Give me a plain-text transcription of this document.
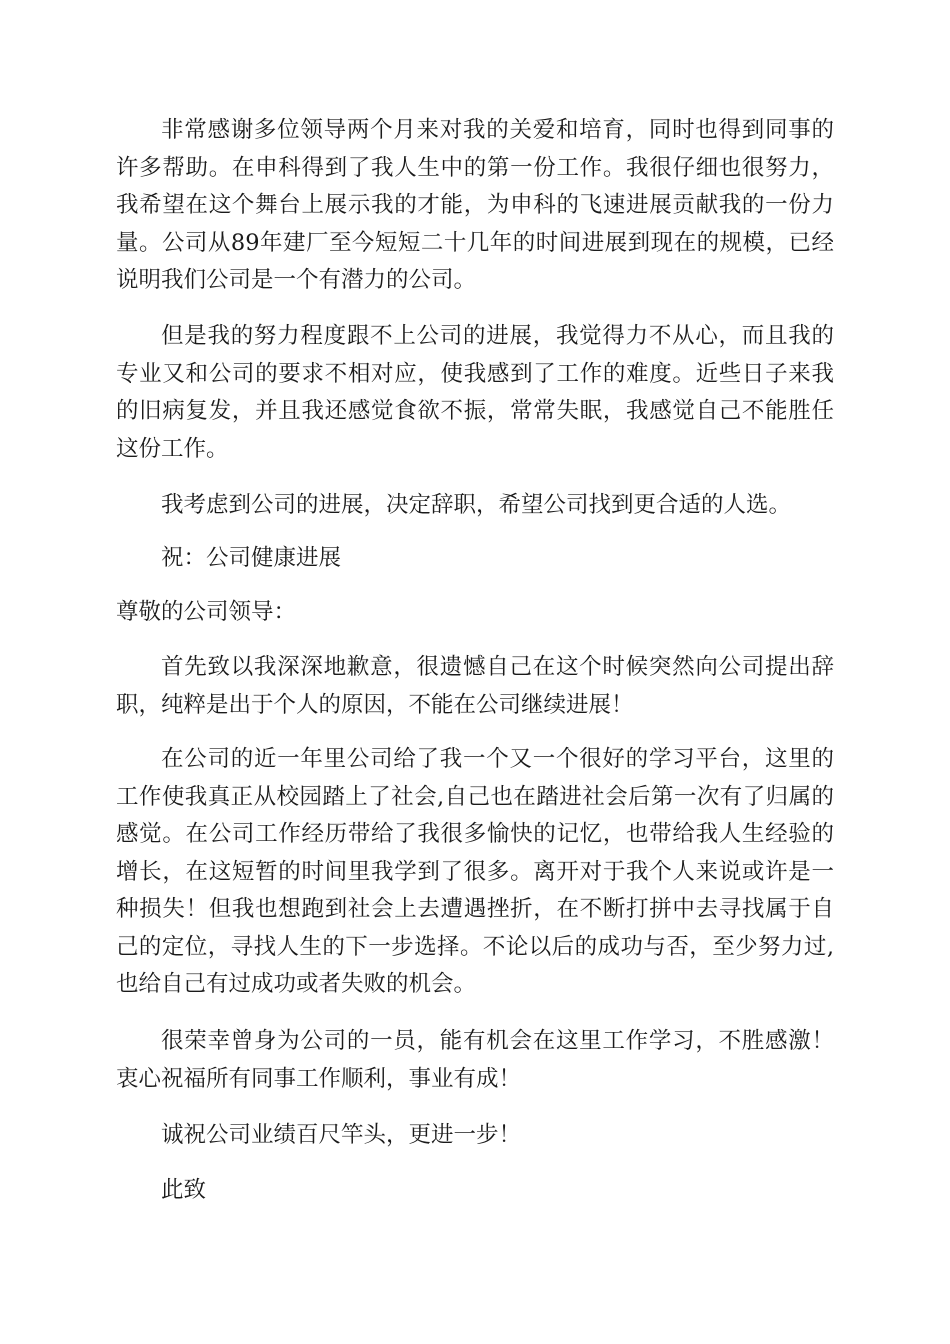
非常感谢多位领导两个月来对我的关爱和培育，同时也得到同事的许多帮助。在申科得到了我人生中的第一份工作。我很仔细也很努力，我希望在这个舞台上展示我的才能，为申科的飞速进展贡献我的一份力量。公司从89年建厂至今短短二十几年的时间进展到现在的规模，已经说明我们公司是一个有潜力的公司。

但是我的努力程度跟不上公司的进展，我觉得力不从心，而且我的专业又和公司的要求不相对应，使我感到了工作的难度。近些日子来我的旧病复发，并且我还感觉食欲不振，常常失眠，我感觉自己不能胜任这份工作。

我考虑到公司的进展，决定辞职，希望公司找到更合适的人选。

祝：公司健康进展

尊敬的公司领导：

首先致以我深深地歉意，很遗憾自己在这个时候突然向公司提出辞职，纯粹是出于个人的原因，不能在公司继续进展！

在公司的近一年里公司给了我一个又一个很好的学习平台，这里的工作使我真正从校园踏上了社会,自己也在踏进社会后第一次有了归属的感觉。在公司工作经历带给了我很多愉快的记忆，也带给我人生经验的增长，在这短暂的时间里我学到了很多。离开对于我个人来说或许是一种损失！但我也想跑到社会上去遭遇挫折，在不断打拼中去寻找属于自己的定位，寻找人生的下一步选择。不论以后的成功与否，至少努力过,也给自己有过成功或者失败的机会。

很荣幸曾身为公司的一员，能有机会在这里工作学习，不胜感激！衷心祝福所有同事工作顺利，事业有成！

诚祝公司业绩百尺竿头，更进一步！

此致
